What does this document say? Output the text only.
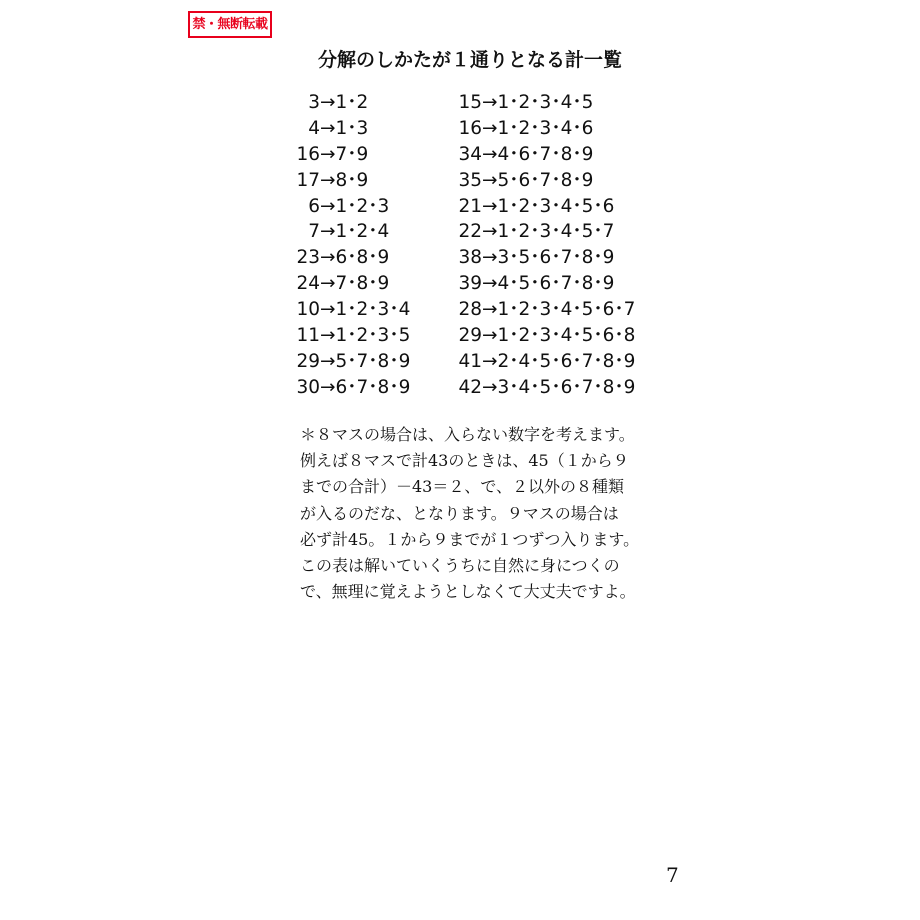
禁・無断転載
分解のしかたが１通りとなる計一覧
3 → 1･2
4 → 1･3
16 → 7･9
17 → 8･9
6 → 1･2･3
7 → 1･2･4
23 → 6･8･9
24 → 7･8･9
10 → 1･2･3･4
11 → 1･2･3･5
29 → 5･7･8･9
30 → 6･7･8･9
15 → 1･2･3･4･5
16 → 1･2･3･4･6
34 → 4･6･7･8･9
35 → 5･6･7･8･9
21 → 1･2･3･4･5･6
22 → 1･2･3･4･5･7
38 → 3･5･6･7･8･9
39 → 4･5･6･7･8･9
28 → 1･2･3･4･5･6･7
29 → 1･2･3･4･5･6･8
41 → 2･4･5･6･7･8･9
42 → 3･4･5･6･7･8･9
＊８マスの場合は、入らない数字を考えます。
例えば８マスで計43のときは、45（１から９
までの合計）－43＝２、で、２以外の８種類
が入るのだな、となります。９マスの場合は
必ず計45。１から９までが１つずつ入ります。
この表は解いていくうちに自然に身につくの
で、無理に覚えようとしなくて大丈夫ですよ。
7
